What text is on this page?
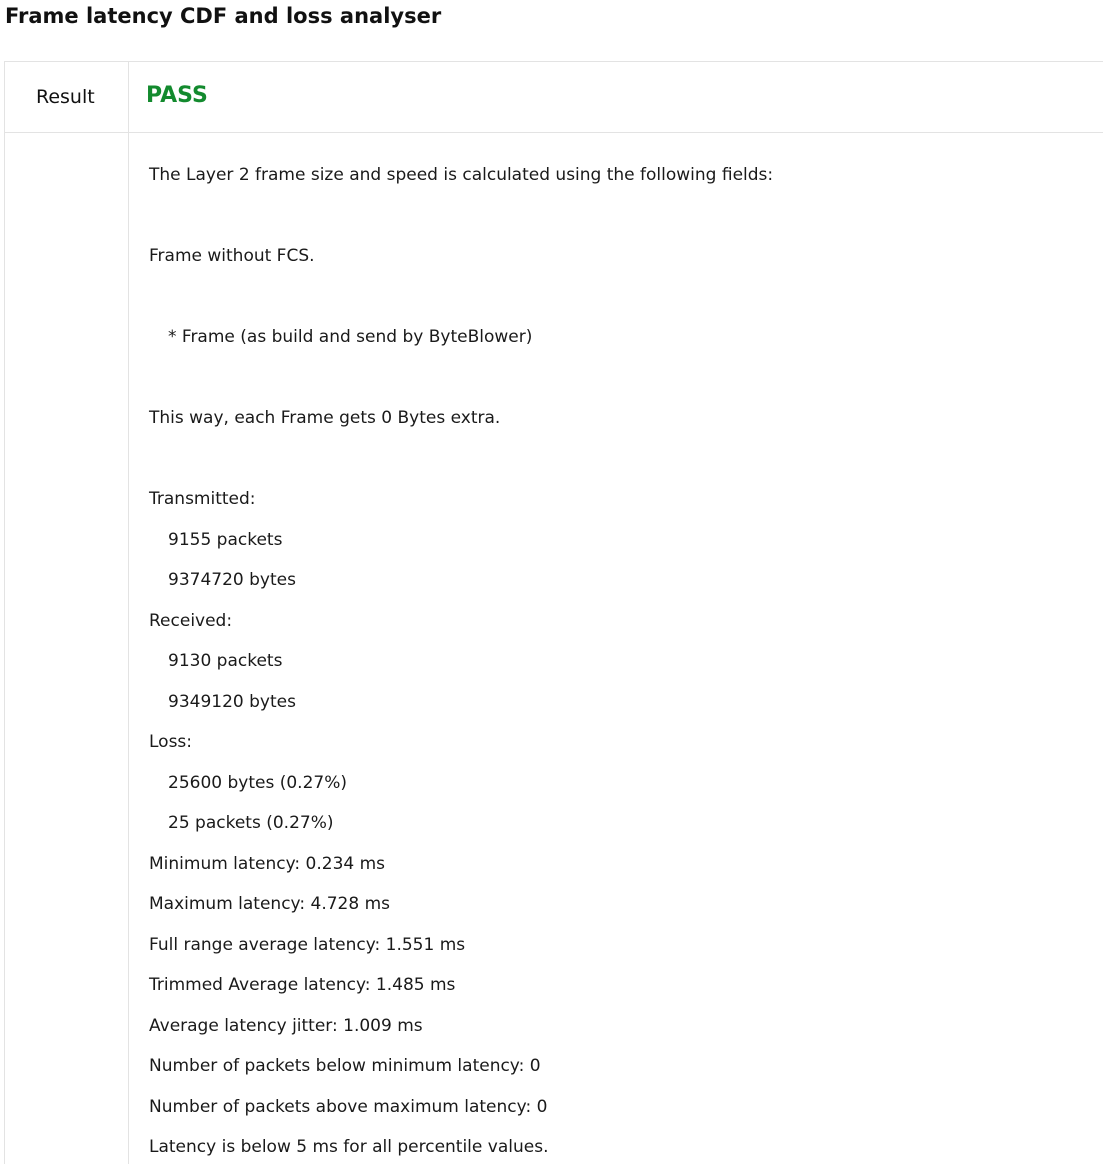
Frame latency CDF and loss analyser
Result PASS
The Layer 2 frame size and speed is calculated using the following fields:
Frame without FCS.
* Frame (as build and send by ByteBlower)
This way, each Frame gets 0 Bytes extra.
Transmitted:
9155 packets
9374720 bytes
Received:
9130 packets
9349120 bytes
Loss:
25600 bytes (0.27%)
25 packets (0.27%)
Minimum latency: 0.234 ms
Maximum latency: 4.728 ms
Full range average latency: 1.551 ms
Trimmed Average latency: 1.485 ms
Average latency jitter: 1.009 ms
Number of packets below minimum latency: 0
Number of packets above maximum latency: 0
Latency is below 5 ms for all percentile values.
